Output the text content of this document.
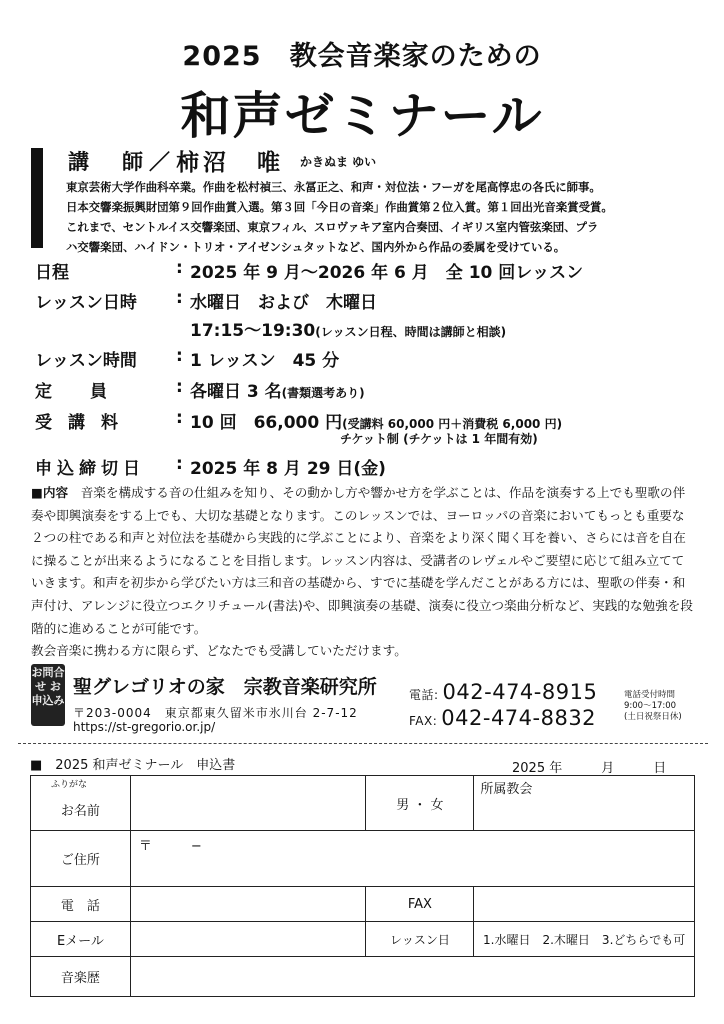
2025　教会音楽家のための
和声ゼミナール
講　師／ 柿沼　唯 かきぬま ゆい
東京芸術大学作曲科卒業。作曲を松村禎三、永冨正之、和声・対位法・フーガを尾高惇忠の各氏に師事。
日本交響楽振興財団第９回作曲賞入選。第３回「今日の音楽」作曲賞第２位入賞。第１回出光音楽賞受賞。
これまで、セントルイス交響楽団、東京フィル、スロヴァキア室内合奏団、イギリス室内管弦楽団、プラ
ハ交響楽団、ハイドン・トリオ・アイゼンシュタットなど、国内外から作品の委属を受けている。
日程	: 2025 年 9 月〜2026 年 6 月　全 10 回レッスン
レッスン日時	: 水曜日　および　木曜日
17:15〜19:30(レッスン日程、時間は講師と相談)
レッスン時間	: 1 レッスン　45 分
定員	: 各曜日 3 名(書類選考あり)
受講料	: 10 回　66,000 円(受講料 60,000 円＋消費税 6,000 円)
チケット制 (チケットは 1 年間有効)
申込締切日	: 2025 年 8 月 29 日(金)
■内容　 音楽を構成する音の仕組みを知り、その動かし方や響かせ方を学ぶことは、作品を演奏する上でも聖歌の伴奏や即興演奏をする上でも、大切な基礎となります。このレッスンでは、ヨーロッパの音楽においてもっとも重要な２つの柱である和声と対位法を基礎から実践的に学ぶことにより、音楽をより深く聞く耳を養い、さらには音を自在に操ることが出来るようになることを目指します。レッスン内容は、受講者のレヴェルやご要望に応じて組み立てていきます。和声を初歩から学びたい方は三和音の基礎から、すでに基礎を学んだことがある方には、聖歌の伴奏・和声付け、アレンジに役立つエクリチュール(書法)や、即興演奏の基礎、演奏に役立つ楽曲分析など、実践的な勉強を段階的に進めることが可能です。
教会音楽に携わる方に限らず、どなたでも受講していただけます。
お問合せ お申込み
聖グレゴリオの家　宗教音楽研究所
〒203-0004　東京都東久留米市氷川台 2-7-12
https://st-gregorio.or.jp/
電話: 042-474-8915
FAX: 042-474-8832
電話受付時間
9:00〜17:00
(土日祝祭日休)
■　2025 和声ゼミナール　申込書	2025 年　　　月　　　日
ふりがな
お名前		男 ・ 女	所属教会
ご住所	〒　　　−		
電　話		FAX	
Eメール		レッスン日	1.水曜日　2.木曜日　3.どちらでも可
音楽歴			
